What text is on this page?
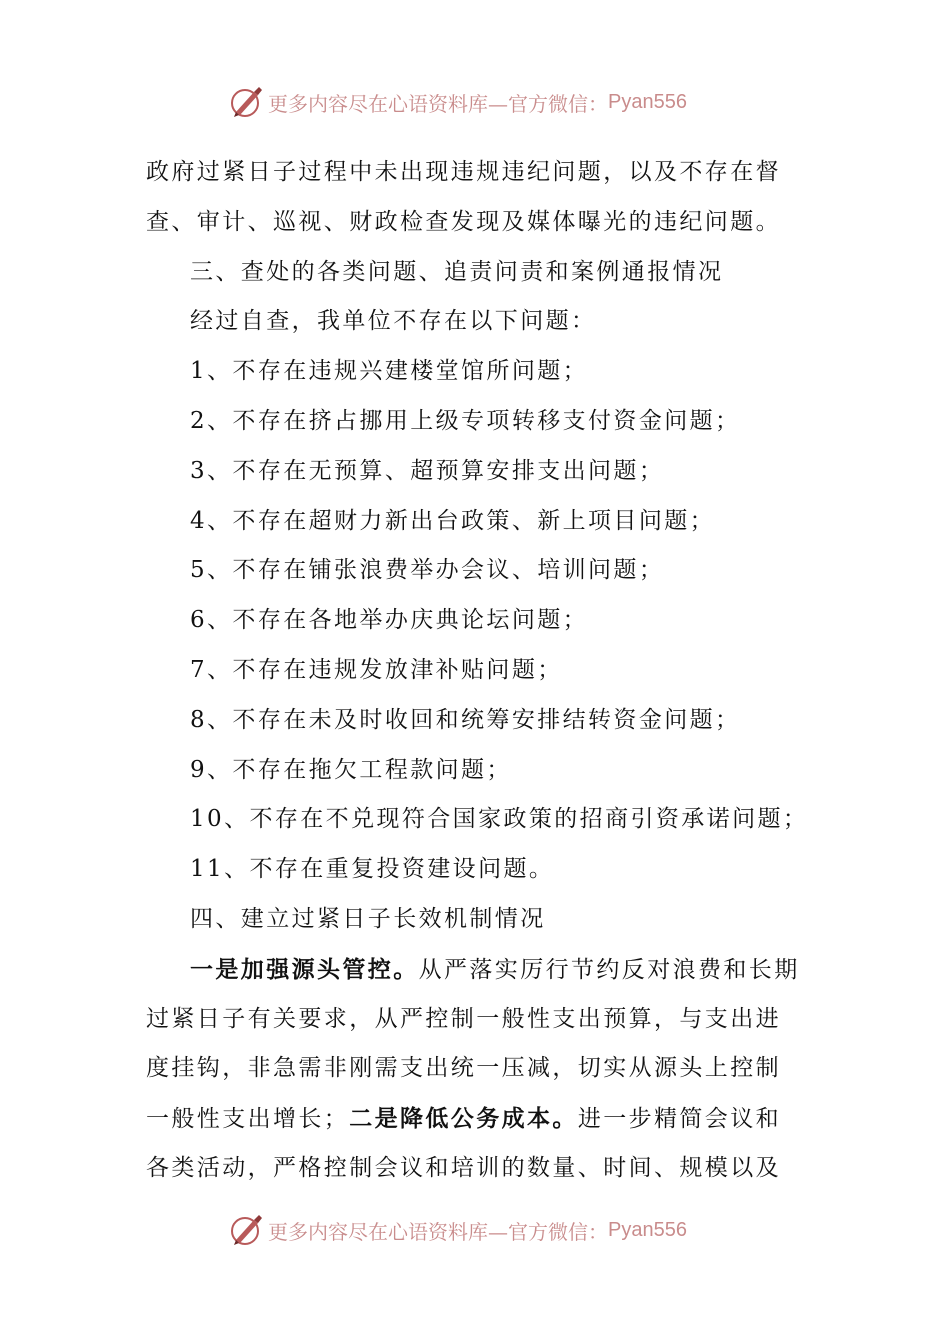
更多内容尽在心语资料库—官方微信： Pyan556
政府过紧日子过程中未出现违规违纪问题，以及不存在督
查、审计、巡视、财政检查发现及媒体曝光的违纪问题。
三、查处的各类问题、追责问责和案例通报情况
经过自查，我单位不存在以下问题：
1、不存在违规兴建楼堂馆所问题；
2、不存在挤占挪用上级专项转移支付资金问题；
3、不存在无预算、超预算安排支出问题；
4、不存在超财力新出台政策、新上项目问题；
5、不存在铺张浪费举办会议、培训问题；
6、不存在各地举办庆典论坛问题；
7、不存在违规发放津补贴问题；
8、不存在未及时收回和统筹安排结转资金问题；
9、不存在拖欠工程款问题；
10、不存在不兑现符合国家政策的招商引资承诺问题；
11、不存在重复投资建设问题。
四、建立过紧日子长效机制情况
一是加强源头管控。从严落实厉行节约反对浪费和长期
过紧日子有关要求，从严控制一般性支出预算，与支出进
度挂钩，非急需非刚需支出统一压减，切实从源头上控制
一般性支出增长；二是降低公务成本。进一步精简会议和
各类活动，严格控制会议和培训的数量、时间、规模以及
更多内容尽在心语资料库—官方微信： Pyan556
